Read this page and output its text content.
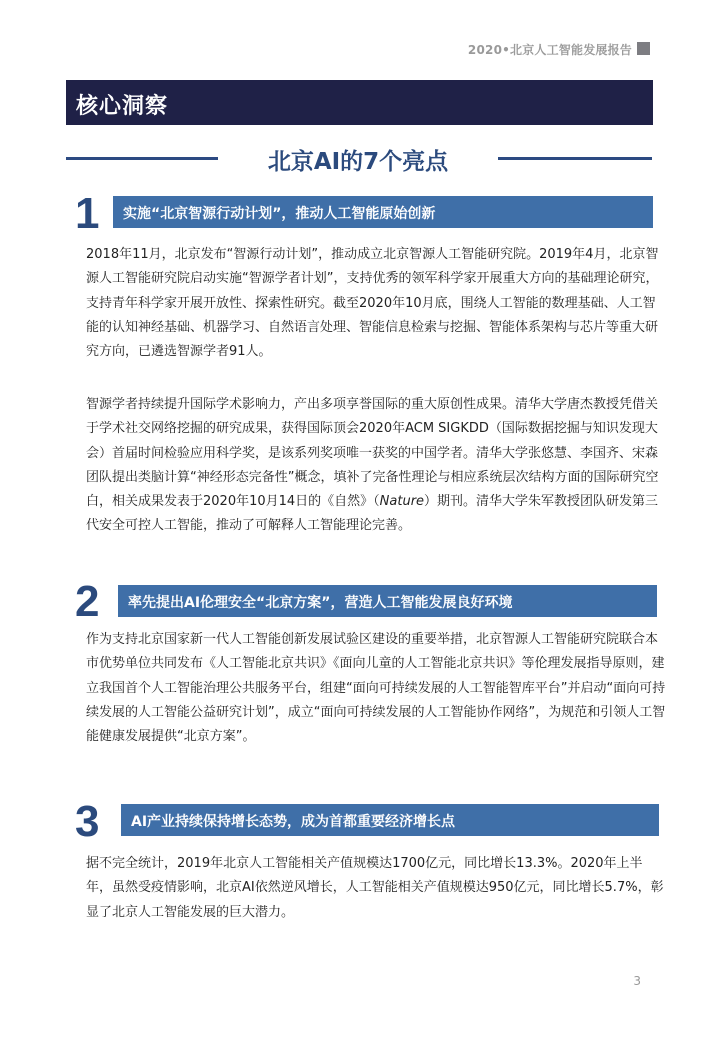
2020•北京人工智能发展报告
核心洞察
北京AI的7个亮点
1 实施“北京智源行动计划”，推动人工智能原始创新

2018年11月，北京发布“智源行动计划”，推动成立北京智源人工智能研究院。2019年4月，北京智源人工智能研究院启动实施“智源学者计划”，支持优秀的领军科学家开展重大方向的基础理论研究，支持青年科学家开展开放性、探索性研究。截至2020年10月底，围绕人工智能的数理基础、人工智能的认知神经基础、机器学习、自然语言处理、智能信息检索与挖掘、智能体系架构与芯片等重大研究方向，已遴选智源学者91人。

智源学者持续提升国际学术影响力，产出多项享誉国际的重大原创性成果。清华大学唐杰教授凭借关于学术社交网络挖掘的研究成果，获得国际顶会2020年ACM SIGKDD（国际数据挖掘与知识发现大会）首届时间检验应用科学奖，是该系列奖项唯一获奖的中国学者。清华大学张悠慧、李国齐、宋森团队提出类脑计算“神经形态完备性”概念，填补了完备性理论与相应系统层次结构方面的国际研究空白，相关成果发表于2020年10月14日的《自然》（Nature）期刊。清华大学朱军教授团队研发第三代安全可控人工智能，推动了可解释人工智能理论完善。

2 率先提出AI伦理安全“北京方案”，营造人工智能发展良好环境

作为支持北京国家新一代人工智能创新发展试验区建设的重要举措，北京智源人工智能研究院联合本市优势单位共同发布《人工智能北京共识》《面向儿童的人工智能北京共识》等伦理发展指导原则，建立我国首个人工智能治理公共服务平台，组建“面向可持续发展的人工智能智库平台”并启动“面向可持续发展的人工智能公益研究计划”，成立“面向可持续发展的人工智能协作网络”，为规范和引领人工智能健康发展提供“北京方案”。

3 AI产业持续保持增长态势，成为首都重要经济增长点

据不完全统计，2019年北京人工智能相关产值规模达1700亿元，同比增长13.3%。2020年上半年，虽然受疫情影响，北京AI依然逆风增长，人工智能相关产值规模达950亿元，同比增长5.7%，彰显了北京人工智能发展的巨大潜力。

3
